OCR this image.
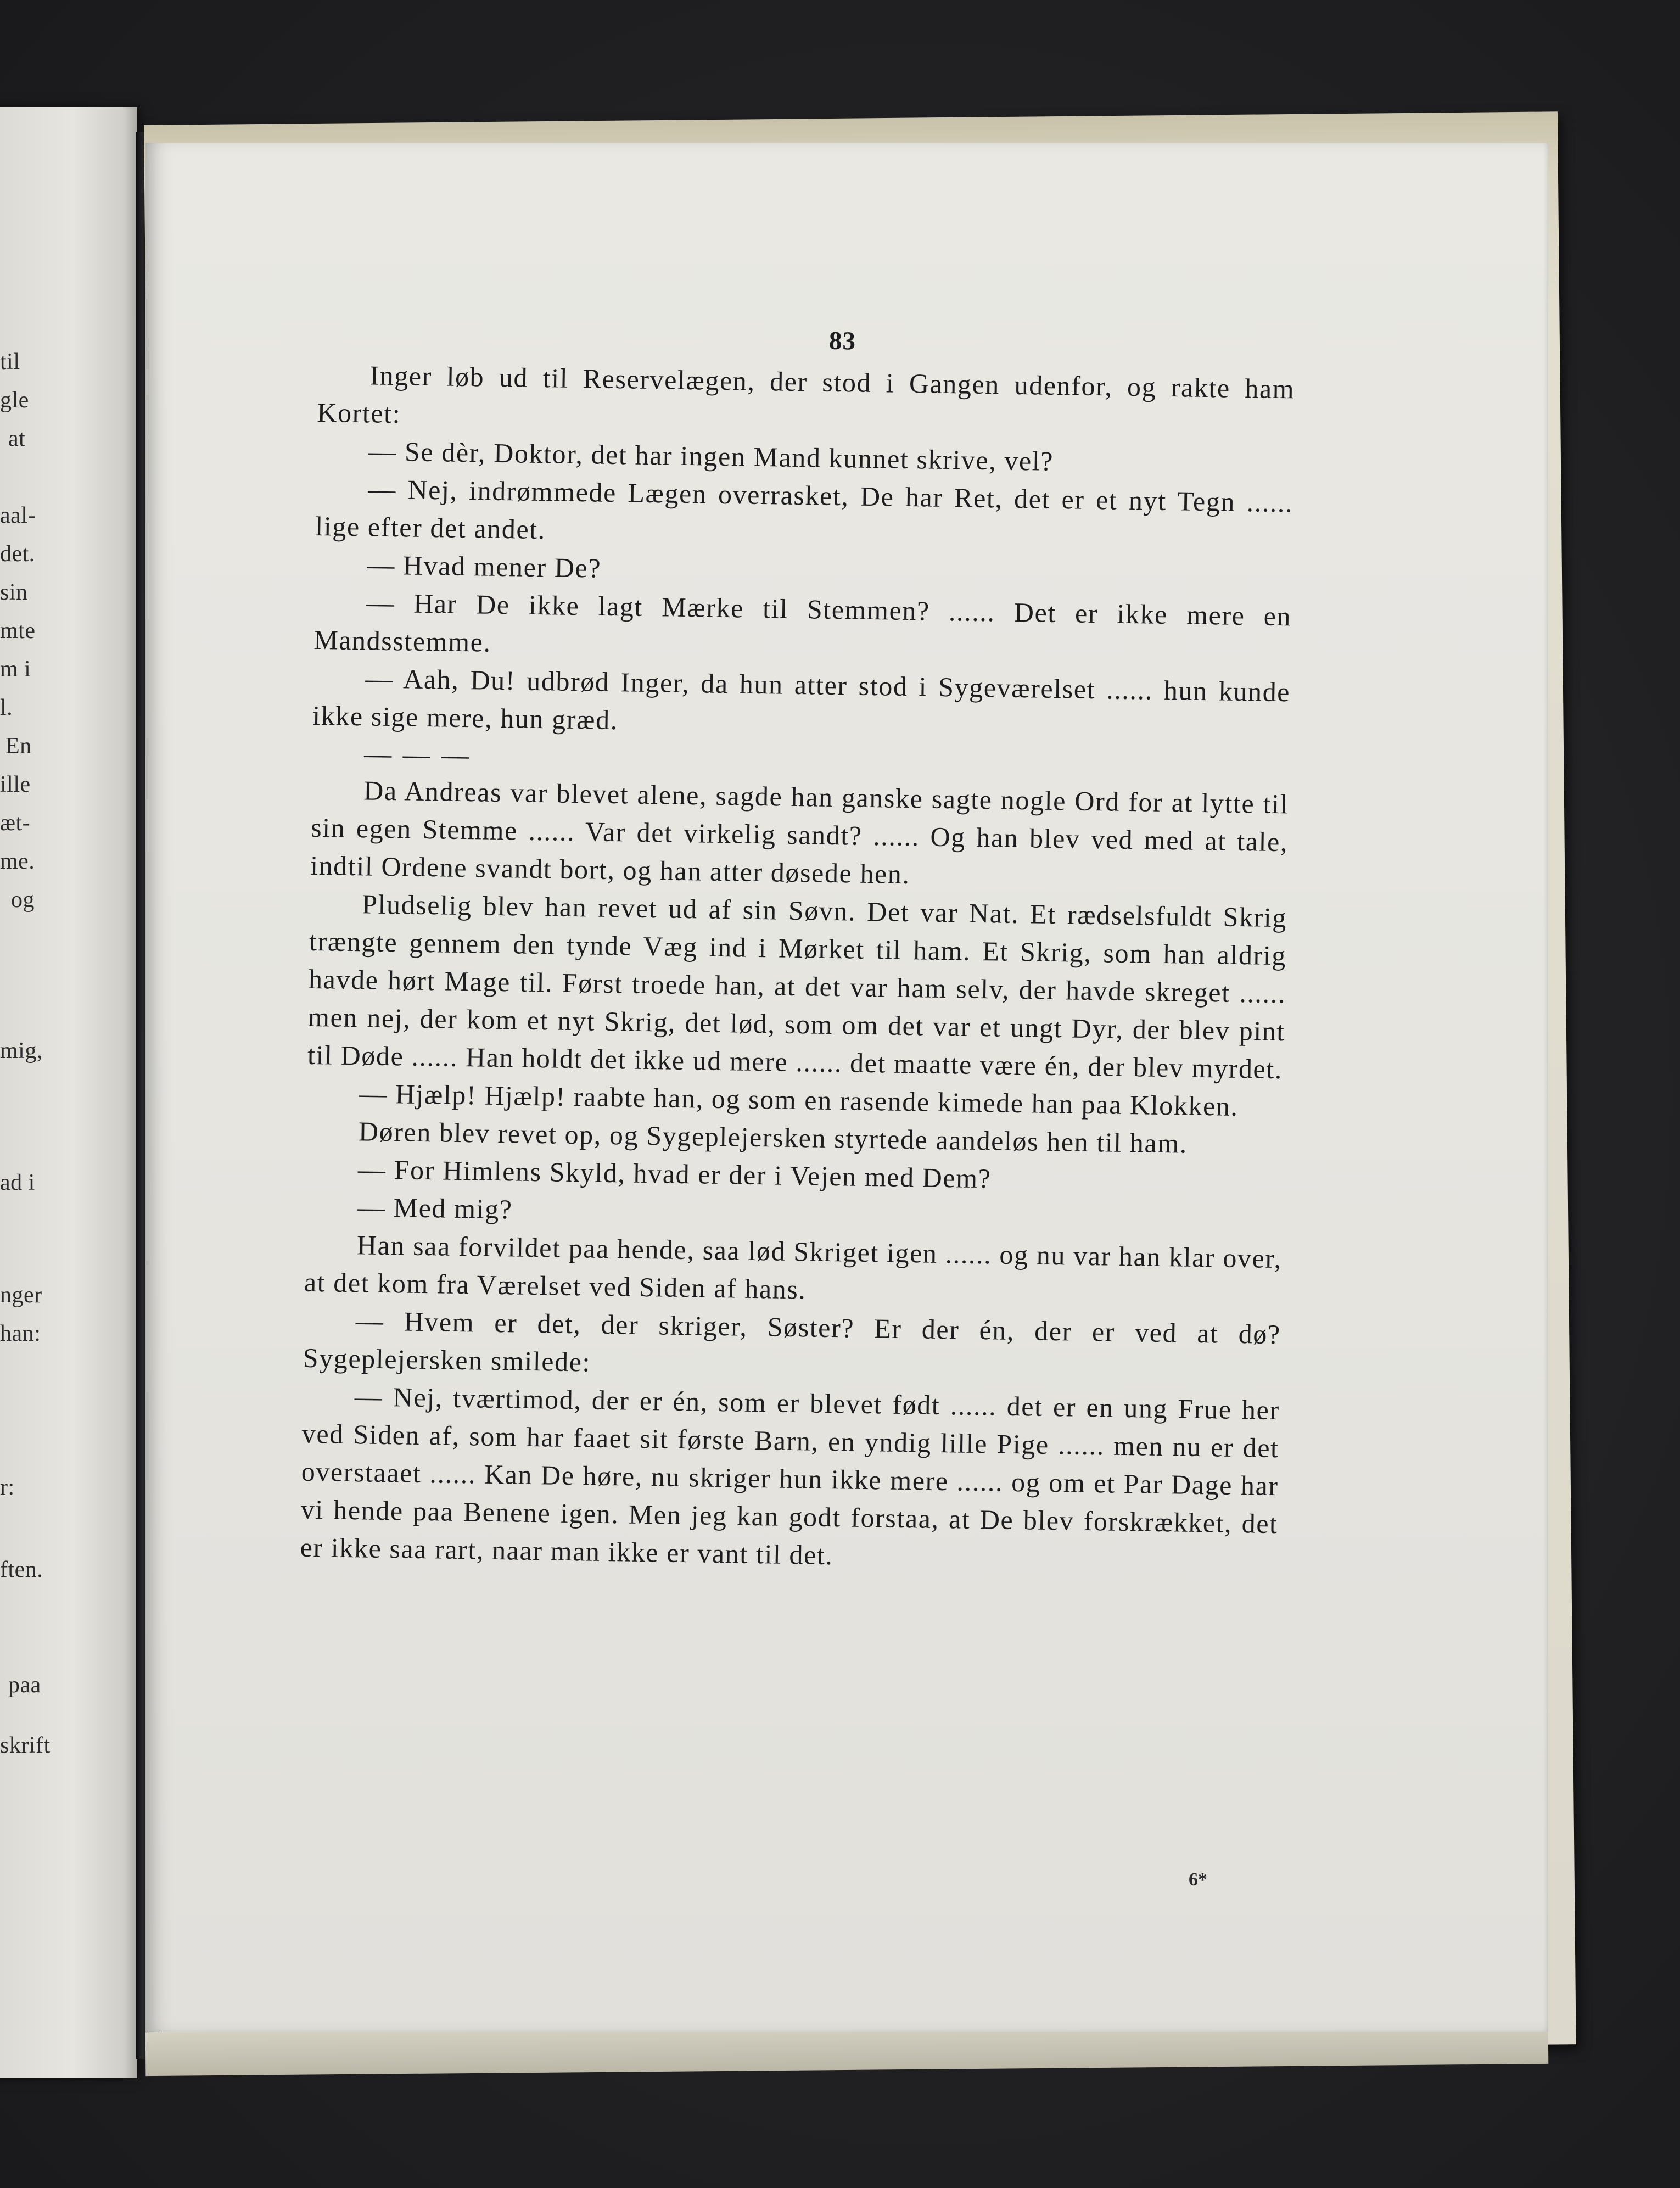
til
gle
at
aal-
det.
sin
mte
m i
l.
En
ille
æt-
me.
og
mig,
ad i
nger
han:
r:
ften.
paa
skrift
83

Inger løb ud til Reservelægen, der stod i Gangen udenfor, og rakte ham Kortet:

— Se dèr, Doktor, det har ingen Mand kunnet skrive, vel?

— Nej, indrømmede Lægen overrasket, De har Ret, det er et nyt Tegn ...... lige efter det andet.

— Hvad mener De?

— Har De ikke lagt Mærke til Stemmen? ...... Det er ikke mere en Mandsstemme.

— Aah, Du! udbrød Inger, da hun atter stod i Sygeværelset ...... hun kunde ikke sige mere, hun græd.

— — —

Da Andreas var blevet alene, sagde han ganske sagte nogle Ord for at lytte til sin egen Stemme ...... Var det virkelig sandt? ...... Og han blev ved med at tale, indtil Ordene svandt bort, og han atter døsede hen.

Pludselig blev han revet ud af sin Søvn. Det var Nat. Et rædselsfuldt Skrig trængte gennem den tynde Væg ind i Mørket til ham. Et Skrig, som han aldrig havde hørt Mage til. Først troede han, at det var ham selv, der havde skreget ...... men nej, der kom et nyt Skrig, det lød, som om det var et ungt Dyr, der blev pint til Døde ...... Han holdt det ikke ud mere ...... det maatte være én, der blev myrdet.

— Hjælp! Hjælp! raabte han, og som en rasende kimede han paa Klokken.

Døren blev revet op, og Sygeplejersken styrtede aandeløs hen til ham.

— For Himlens Skyld, hvad er der i Vejen med Dem?

— Med mig?

Han saa forvildet paa hende, saa lød Skriget igen ...... og nu var han klar over, at det kom fra Værelset ved Siden af hans.

— Hvem er det, der skriger, Søster? Er der én, der er ved at dø? Sygeplejersken smilede:

— Nej, tværtimod, der er én, som er blevet født ...... det er en ung Frue her ved Siden af, som har faaet sit første Barn, en yndig lille Pige ...... men nu er det overstaaet ...... Kan De høre, nu skriger hun ikke mere ...... og om et Par Dage har vi hende paa Benene igen. Men jeg kan godt forstaa, at De blev forskrækket, det er ikke saa rart, naar man ikke er vant til det.

6*
